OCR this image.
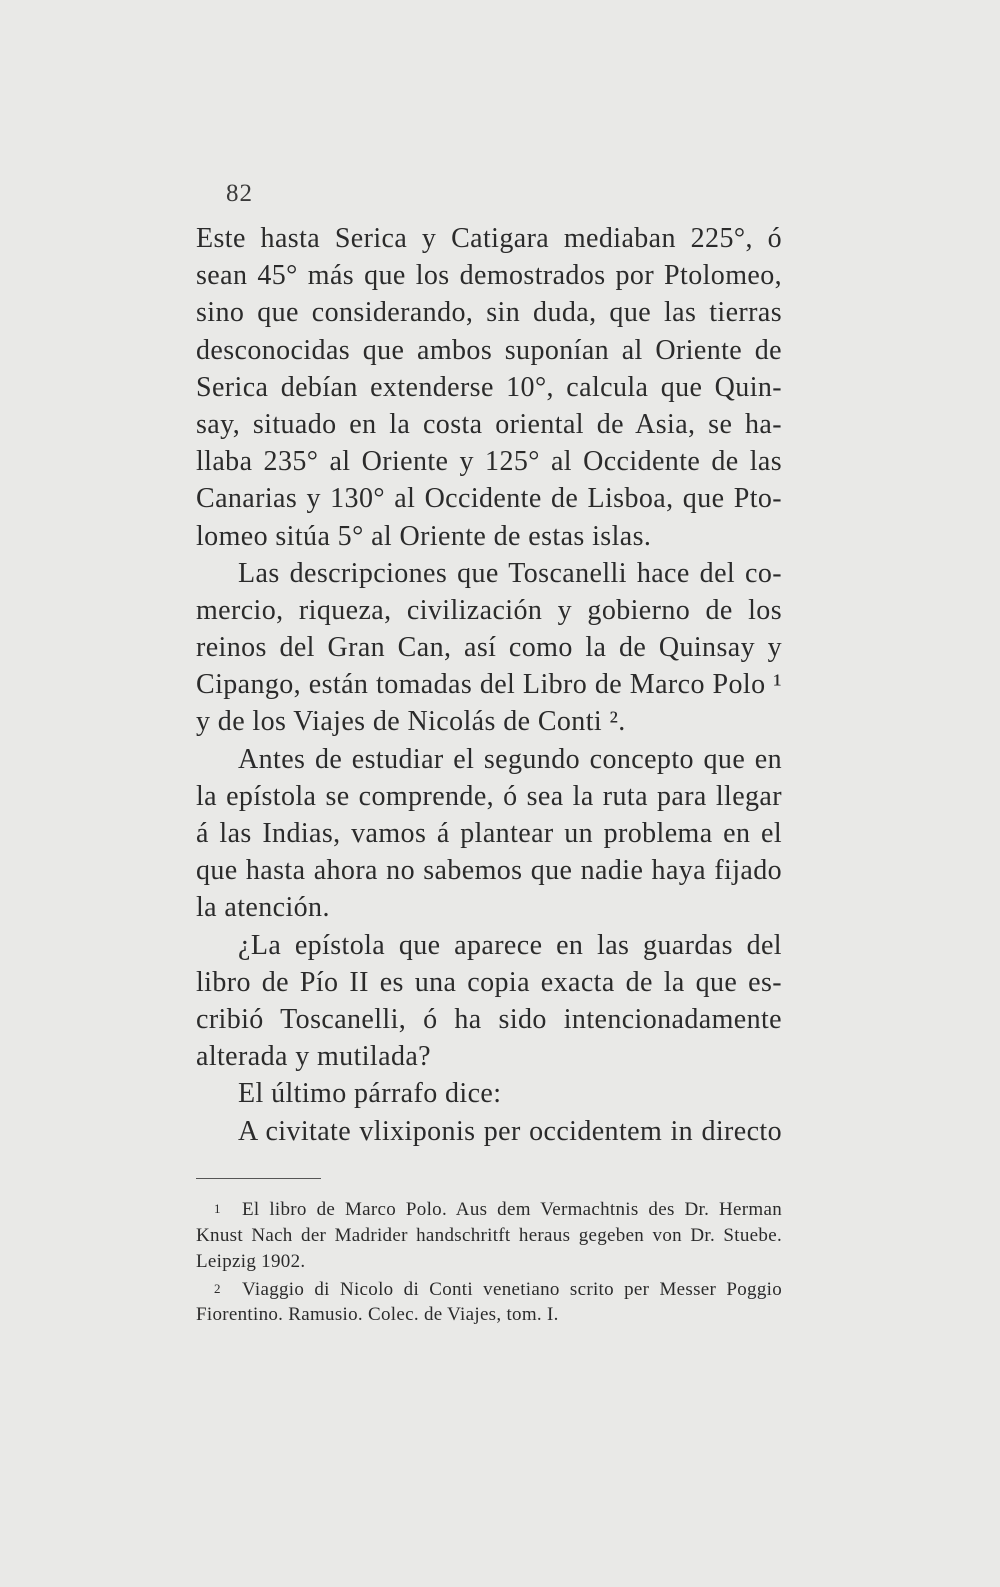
82
Este hasta Serica y Catigara mediaban 225°, ó
sean 45° más que los demostrados por Ptolomeo,
sino que considerando, sin duda, que las tierras
desconocidas que ambos suponían al Oriente de
Serica debían extenderse 10°, calcula que Quin-
say, situado en la costa oriental de Asia, se ha-
llaba 235° al Oriente y 125° al Occidente de las
Canarias y 130° al Occidente de Lisboa, que Pto-
lomeo sitúa 5° al Oriente de estas islas.
Las descripciones que Toscanelli hace del co-
mercio, riqueza, civilización y gobierno de los
reinos del Gran Can, así como la de Quinsay y
Cipango, están tomadas del Libro de Marco Polo ¹
y de los Viajes de Nicolás de Conti ².
Antes de estudiar el segundo concepto que en
la epístola se comprende, ó sea la ruta para llegar
á las Indias, vamos á plantear un problema en el
que hasta ahora no sabemos que nadie haya fijado
la atención.
¿La epístola que aparece en las guardas del
libro de Pío II es una copia exacta de la que es-
cribió Toscanelli, ó ha sido intencionadamente
alterada y mutilada?
El último párrafo dice:
A civitate vlixiponis per occidentem in directo
1 El libro de Marco Polo. Aus dem Vermachtnis des Dr. Herman
Knust Nach der Madrider handschritft heraus gegeben von Dr. Stuebe.
Leipzig 1902.
2 Viaggio di Nicolo di Conti venetiano scrito per Messer Poggio
Fiorentino. Ramusio. Colec. de Viajes, tom. I.
